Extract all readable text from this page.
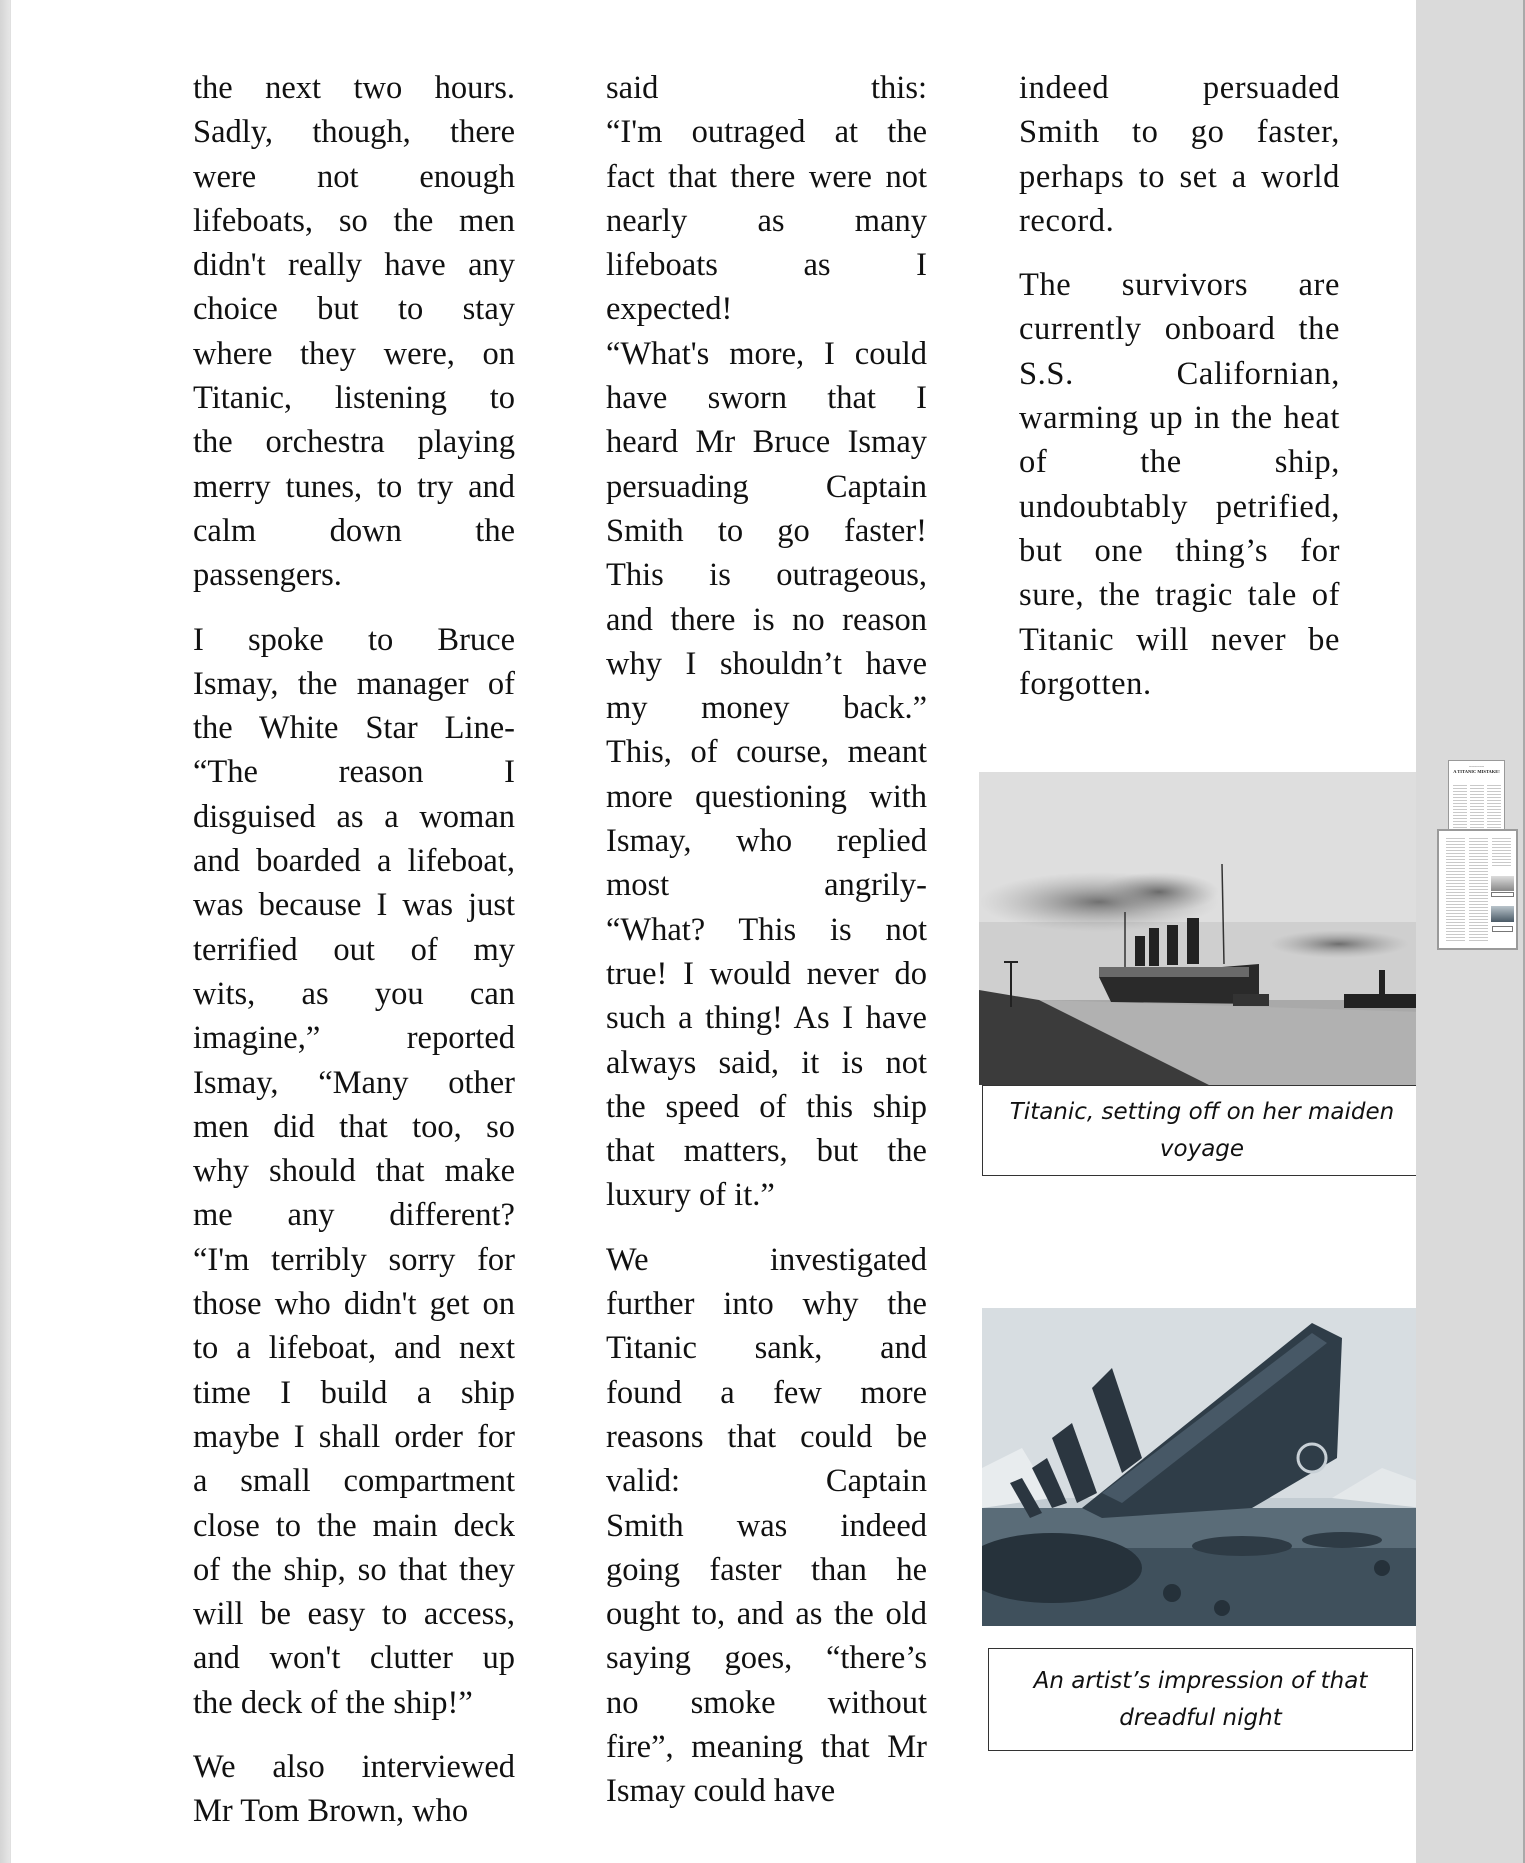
the next two hours.
Sadly, though, there
were not enough
lifeboats, so the men
didn't really have any
choice but to stay
where they were, on
Titanic, listening to
the orchestra playing
merry tunes, to try and
calm down the
passengers.

I spoke to Bruce
Ismay, the manager of
the White Star Line-
“The reason I
disguised as a woman
and boarded a lifeboat,
was because I was just
terrified out of my
wits, as you can
imagine,” reported
Ismay, “Many other
men did that too, so
why should that make
me any different?
“I'm terribly sorry for
those who didn't get on
to a lifeboat, and next
time I build a ship
maybe I shall order for
a small compartment
close to the main deck
of the ship, so that they
will be easy to access,
and won't clutter up
the deck of the ship!”

We also interviewed
Mr Tom Brown, who

said this:
“I'm outraged at the
fact that there were not
nearly as many
lifeboats as I
expected!
“What's more, I could
have sworn that I
heard Mr Bruce Ismay
persuading Captain
Smith to go faster!
This is outrageous,
and there is no reason
why I shouldn’t have
my money back.”
This, of course, meant
more questioning with
Ismay, who replied
most angrily-
“What? This is not
true! I would never do
such a thing! As I have
always said, it is not
the speed of this ship
that matters, but the
luxury of it.”

We investigated
further into why the
Titanic sank, and
found a few more
reasons that could be
valid: Captain
Smith was indeed
going faster than he
ought to, and as the old
saying goes, “there’s
no smoke without
fire”, meaning that Mr
Ismay could have

indeed persuaded
Smith to go faster,
perhaps to set a world
record.

The survivors are
currently onboard the
S.S. Californian,
warming up in the heat
of the ship,
undoubtably petrified,
but one thing’s for
sure, the tragic tale of
Titanic will never be
forgotten.

Titanic, setting off on her maiden voyage
An artist’s impression of that dreadful night
~~~~~~~
A TITANIC MISTAKE!
